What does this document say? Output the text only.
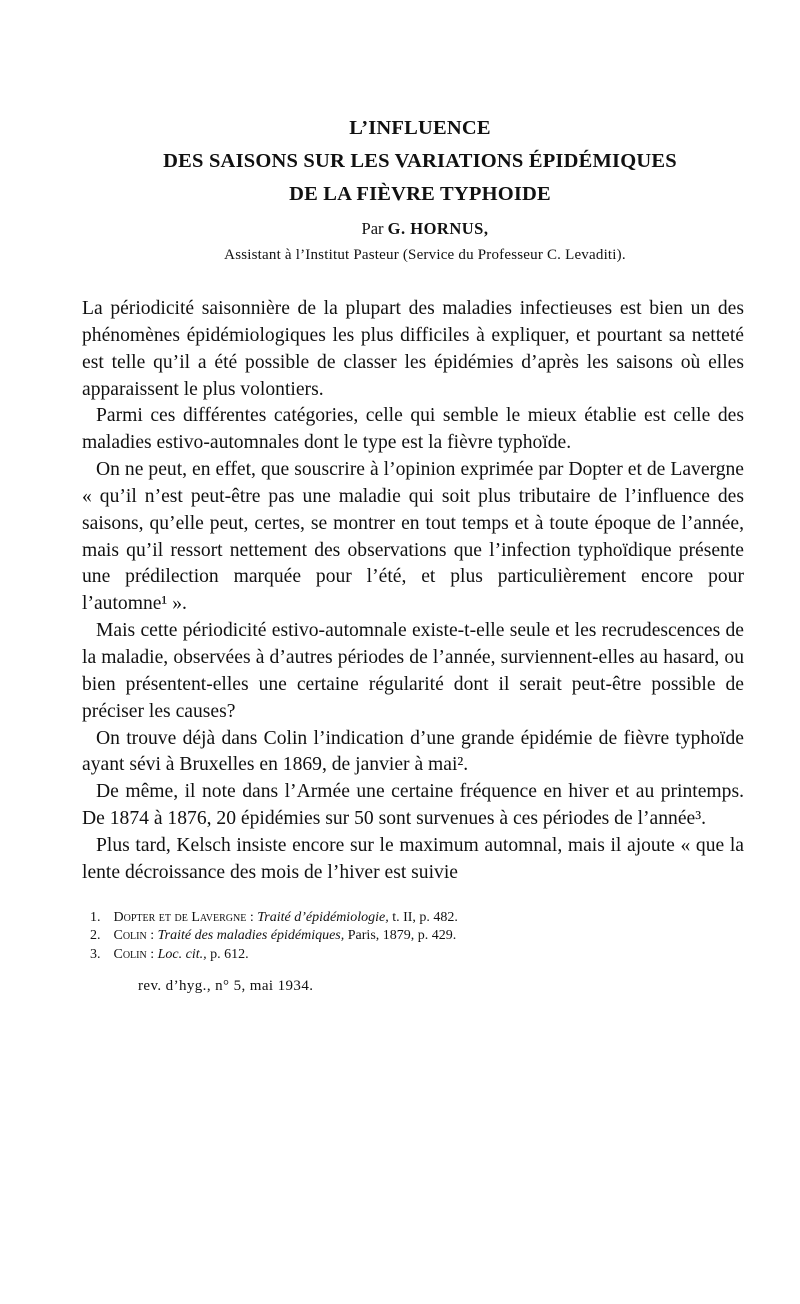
L’INFLUENCE
DES SAISONS SUR LES VARIATIONS ÉPIDÉMIQUES
DE LA FIÈVRE TYPHOIDE
Par G. HORNUS,
Assistant à l’Institut Pasteur (Service du Professeur C. Levaditi).

La périodicité saisonnière de la plupart des maladies infectieuses est bien un des phénomènes épidémiologiques les plus difficiles à expliquer, et pourtant sa netteté est telle qu’il a été possible de classer les épidémies d’après les saisons où elles apparaissent le plus volontiers.

Parmi ces différentes catégories, celle qui semble le mieux établie est celle des maladies estivo-automnales dont le type est la fièvre typhoïde.

On ne peut, en effet, que souscrire à l’opinion exprimée par Dopter et de Lavergne « qu’il n’est peut-être pas une maladie qui soit plus tributaire de l’influence des saisons, qu’elle peut, certes, se montrer en tout temps et à toute époque de l’année, mais qu’il ressort nettement des observations que l’infection typhoïdique présente une prédilection marquée pour l’été, et plus particulièrement encore pour l’automne¹ ».

Mais cette périodicité estivo-automnale existe-t-elle seule et les recrudescences de la maladie, observées à d’autres périodes de l’année, surviennent-elles au hasard, ou bien présentent-elles une certaine régularité dont il serait peut-être possible de préciser les causes?

On trouve déjà dans Colin l’indication d’une grande épidémie de fièvre typhoïde ayant sévi à Bruxelles en 1869, de janvier à mai².

De même, il note dans l’Armée une certaine fréquence en hiver et au printemps. De 1874 à 1876, 20 épidémies sur 50 sont survenues à ces périodes de l’année³.

Plus tard, Kelsch insiste encore sur le maximum automnal, mais il ajoute « que la lente décroissance des mois de l’hiver est suivie

1. Dopter et de Lavergne : Traité d’épidémiologie, t. II, p. 482.
2. Colin : Traité des maladies épidémiques, Paris, 1879, p. 429.
3. Colin : Loc. cit., p. 612.
rev. d’hyg., n° 5, mai 1934.
